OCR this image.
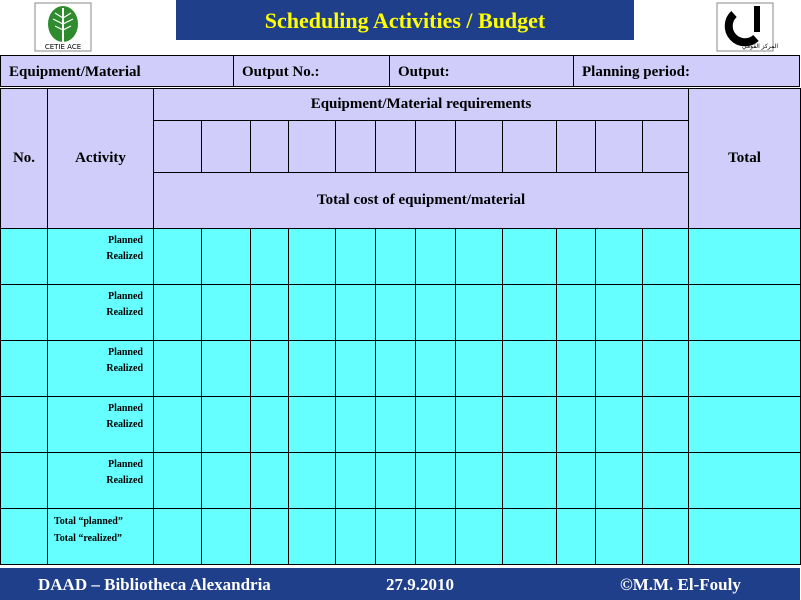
CETIE ACE
Scheduling Activities / Budget
المركز القومي
Equipment/Material	Output No.:	Output:	Planning period:
No.	Activity	Equipment/Material requirements												Total

		Total cost of equipment/material												

	Planned
Realized													

	Planned
Realized													

	Planned
Realized													

	Planned
Realized													

	Planned
Realized													

	Total “planned”
Total “realized”													

DAAD – Bibliotheca Alexandria	27.9.2010	©M.M. El-Fouly
